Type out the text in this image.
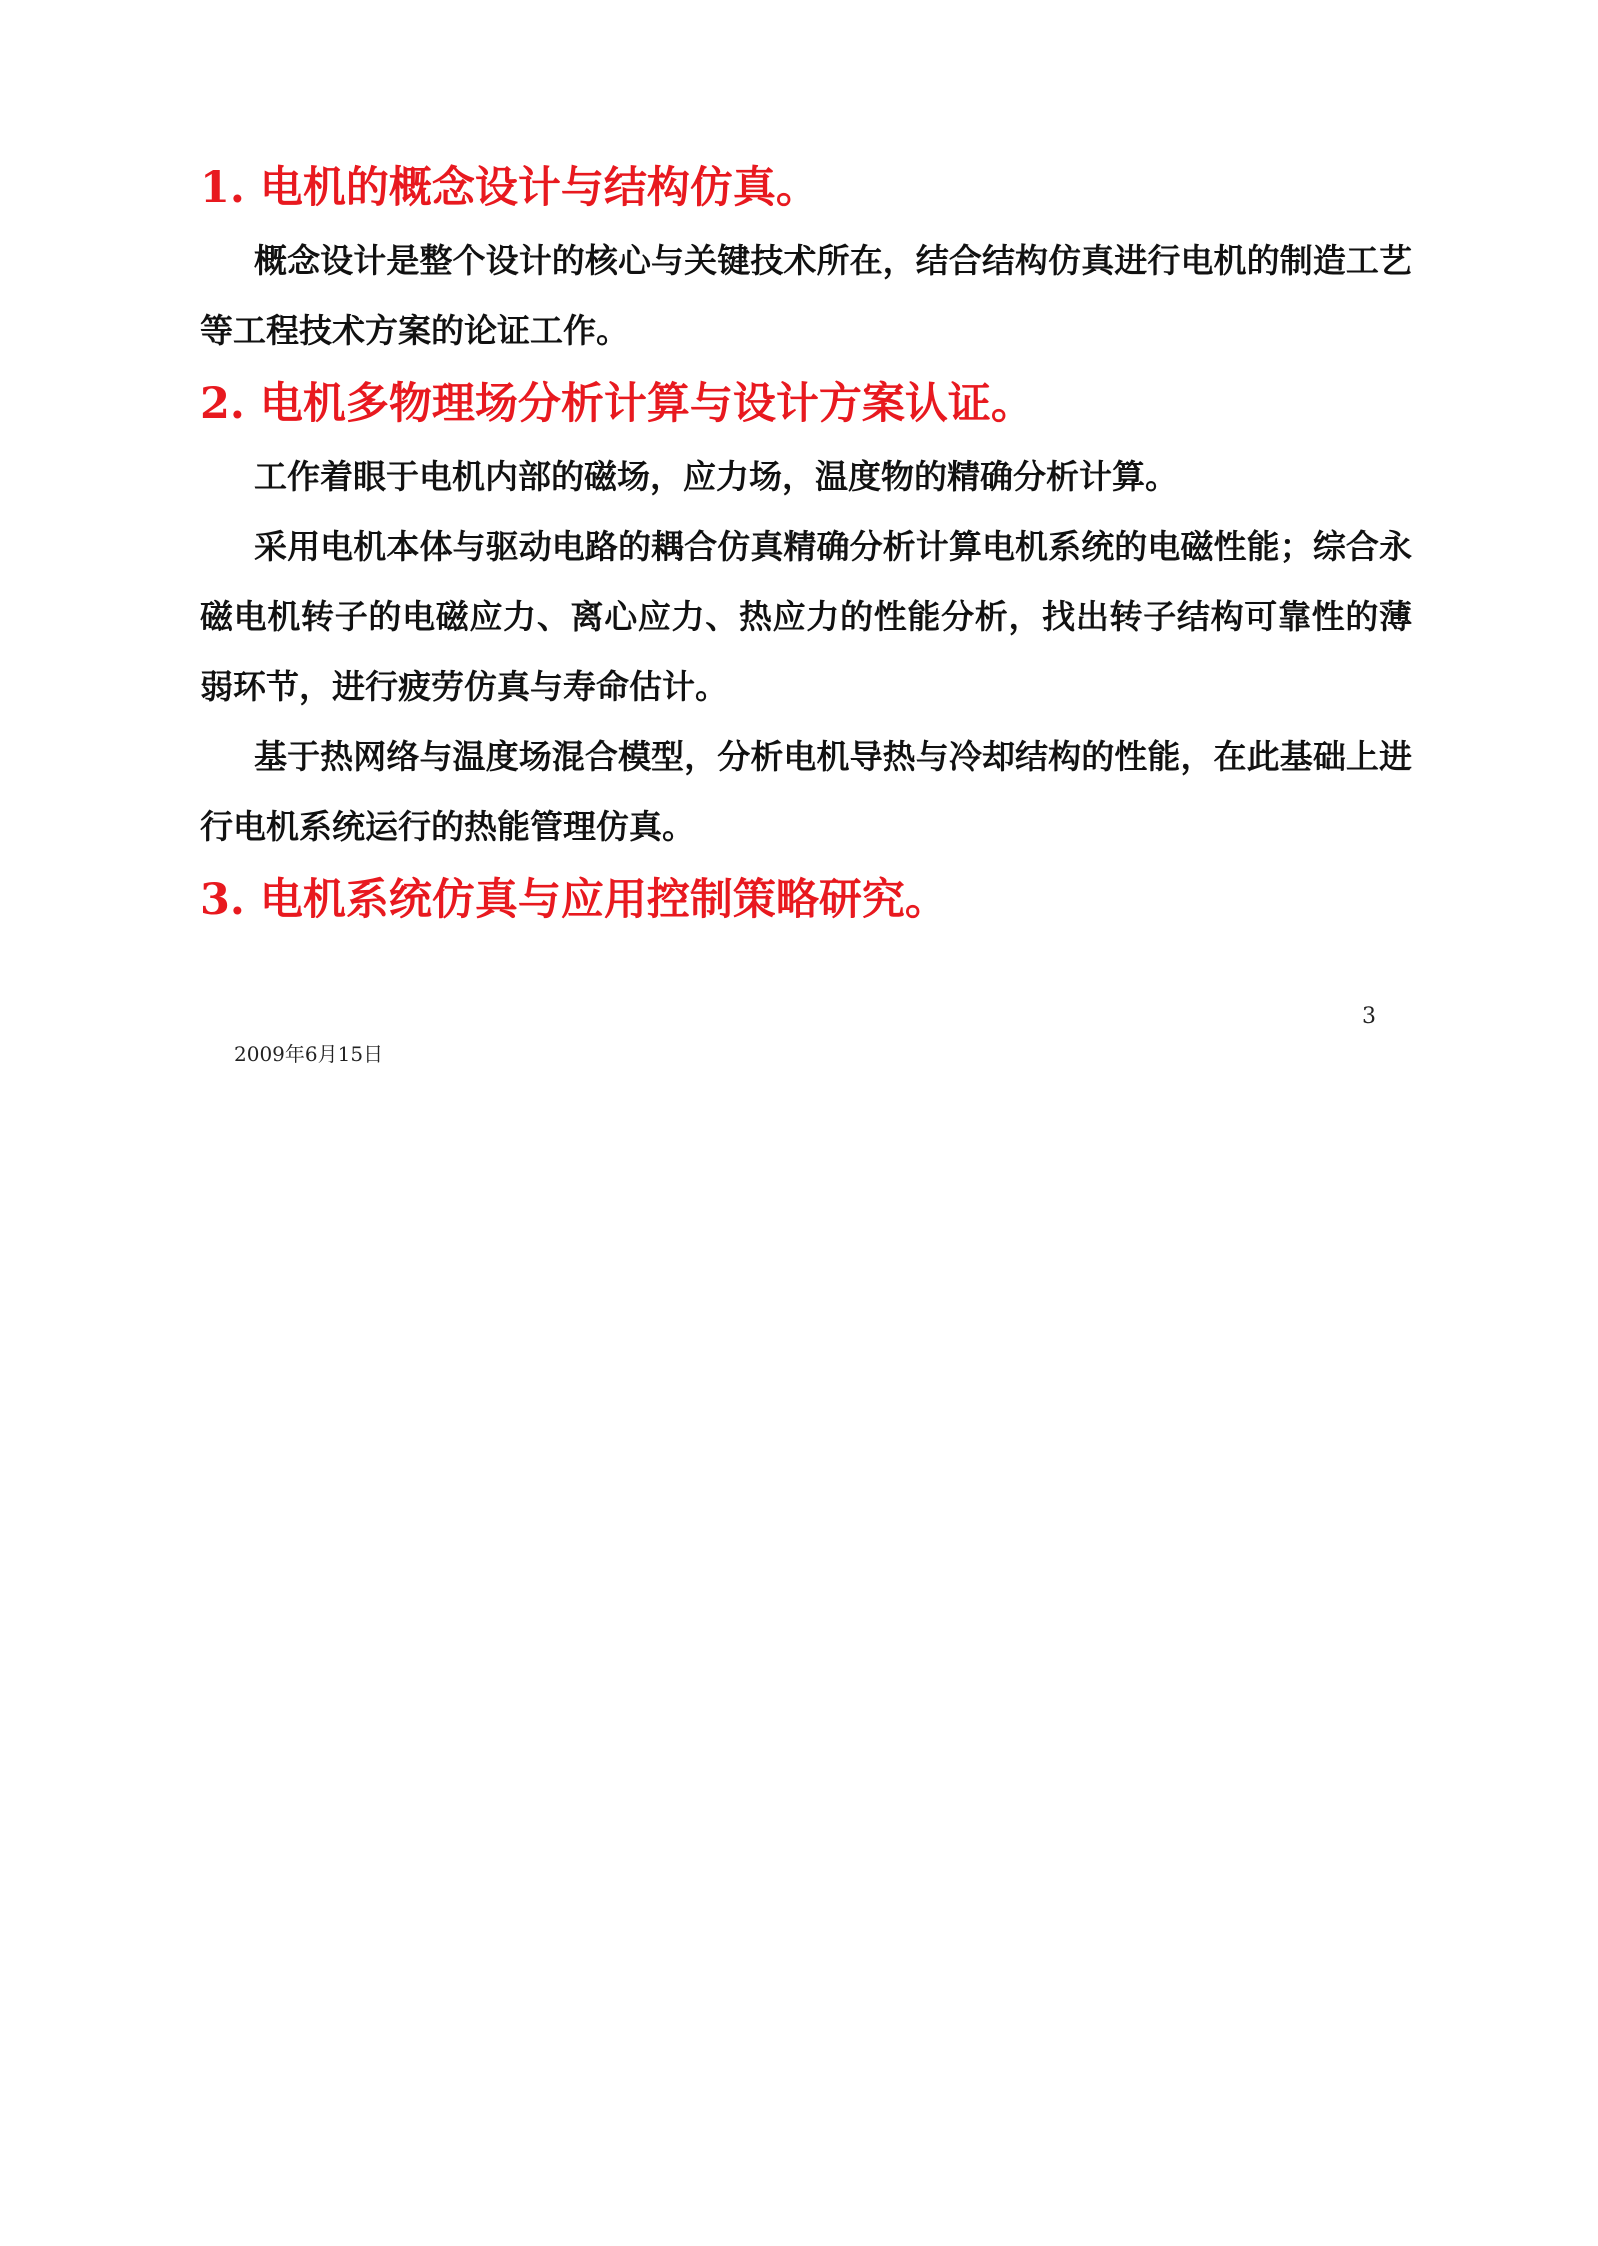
1. 电机的概念设计与结构仿真。

概念设计是整个设计的核心与关键技术所在，结合结构仿真进行电机的制造工艺等工程技术方案的论证工作。

2. 电机多物理场分析计算与设计方案认证。

工作着眼于电机内部的磁场，应力场，温度物的精确分析计算。

采用电机本体与驱动电路的耦合仿真精确分析计算电机系统的电磁性能；综合永磁电机转子的电磁应力、离心应力、热应力的性能分析，找出转子结构可靠性的薄弱环节，进行疲劳仿真与寿命估计。

基于热网络与温度场混合模型，分析电机导热与冷却结构的性能，在此基础上进行电机系统运行的热能管理仿真。

3. 电机系统仿真与应用控制策略研究。
3
2009年6月15日
